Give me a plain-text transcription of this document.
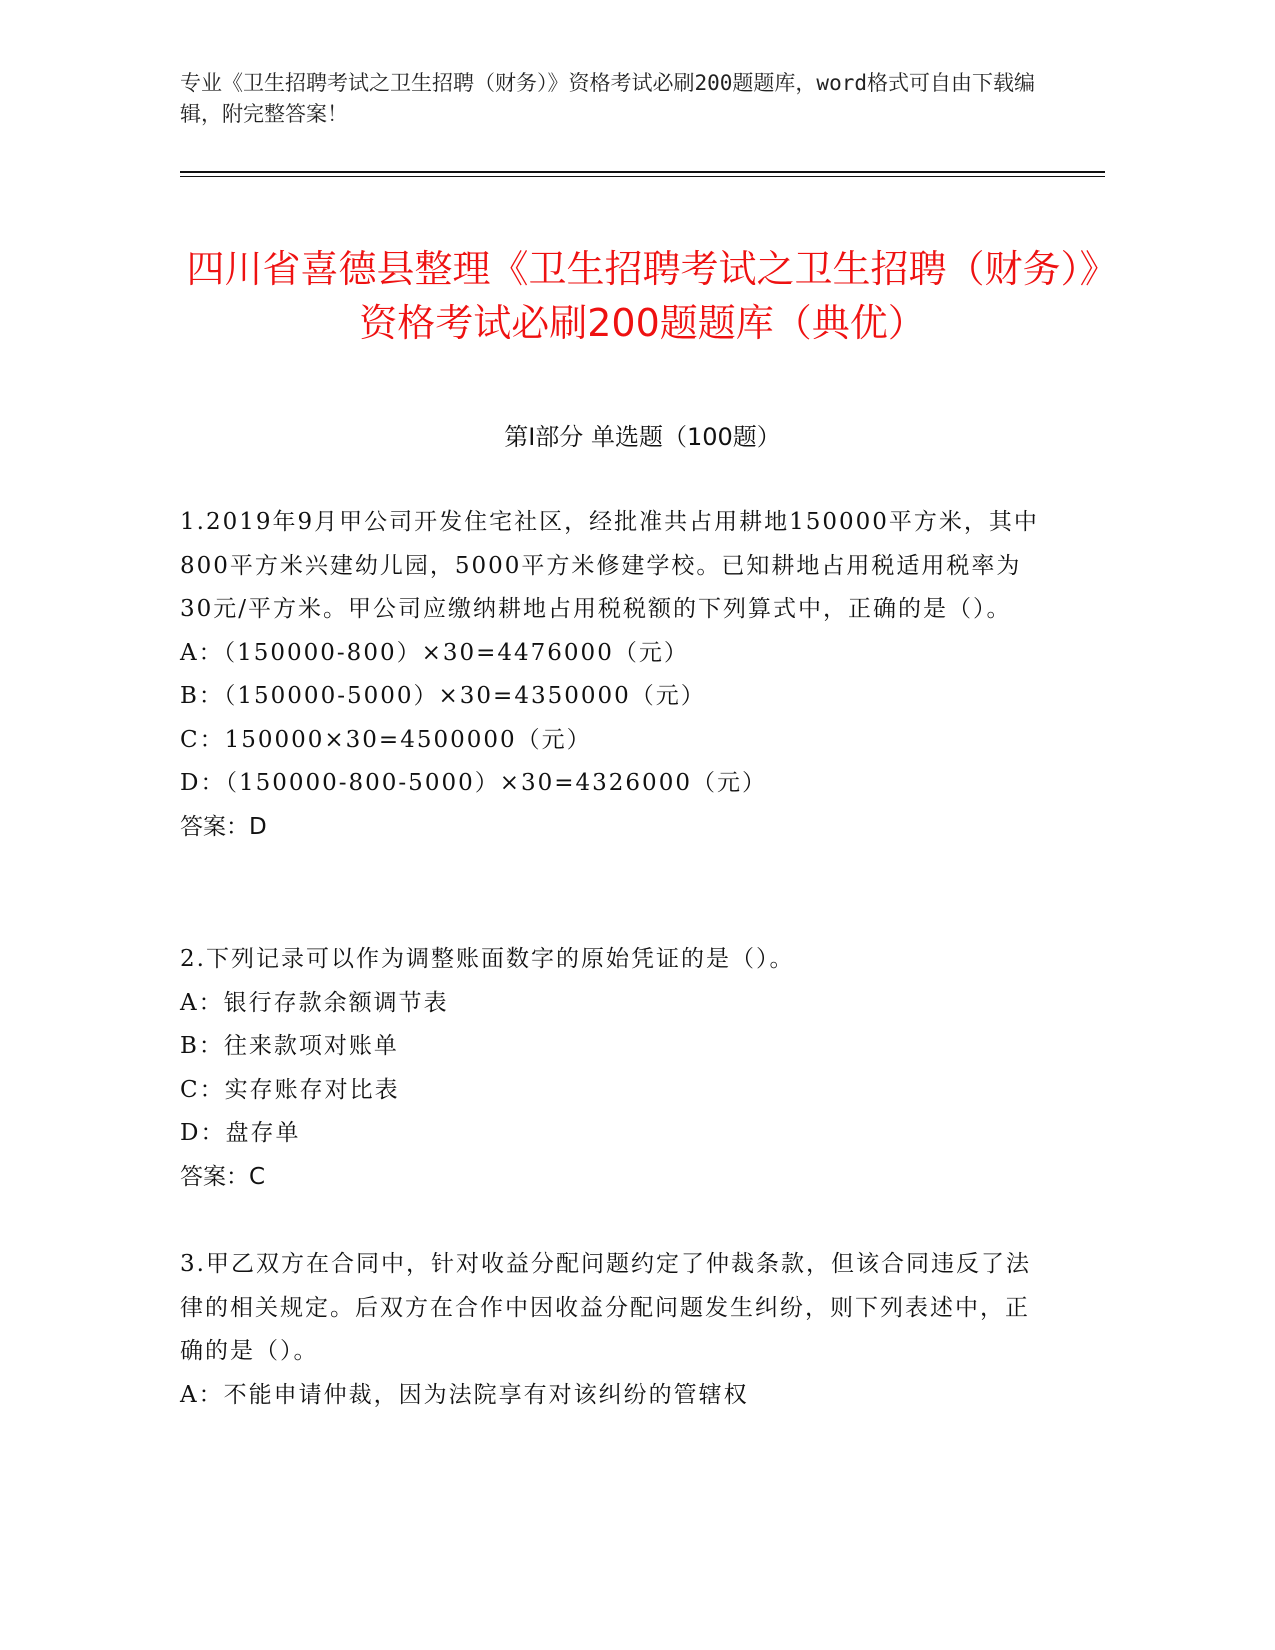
专业《卫生招聘考试之卫生招聘（财务）》资格考试必刷200题题库，word格式可自由下载编辑，附完整答案！
四川省喜德县整理《卫生招聘考试之卫生招聘（财务）》资格考试必刷200题题库（典优）
第Ⅰ部分 单选题（100题）
1.2019年9月甲公司开发住宅社区，经批准共占用耕地150000平方米，其中800平方米兴建幼儿园，5000平方米修建学校。已知耕地占用税适用税率为30元/平方米。甲公司应缴纳耕地占用税税额的下列算式中，正确的是（）。
A：（150000-800）×30=4476000（元）
B：（150000-5000）×30=4350000（元）
C：150000×30=4500000（元）
D：（150000-800-5000）×30=4326000（元）
答案：D
2.下列记录可以作为调整账面数字的原始凭证的是（）。
A：银行存款余额调节表
B：往来款项对账单
C：实存账存对比表
D：盘存单
答案：C
3.甲乙双方在合同中，针对收益分配问题约定了仲裁条款，但该合同违反了法律的相关规定。后双方在合作中因收益分配问题发生纠纷，则下列表述中，正确的是（）。
A：不能申请仲裁，因为法院享有对该纠纷的管辖权
